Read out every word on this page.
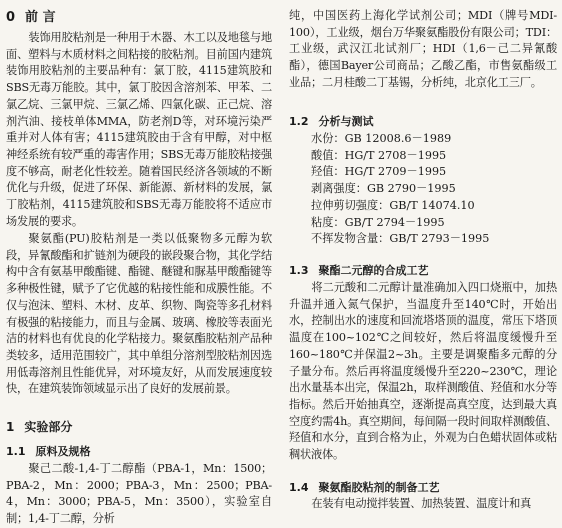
0 前 言

装饰用胶粘剂是一种用于木器、木工以及地毯与地面、塑料与木质材料之间粘接的胶粘剂。目前国内建筑装饰用胶粘剂的主要品种有：氯丁胶，4115建筑胶和SBS无毒万能胶。其中，氯丁胶因含溶剂苯、甲苯、二氯乙烷、三氯甲烷、三氯乙烯、四氯化碳、正己烷、溶剂汽油、接枝单体MMA，防老剂D等，对环境污染严重并对人体有害；4115建筑胶由于含有甲醇，对中枢神经系统有较严重的毒害作用；SBS无毒万能胶粘接强度不够高，耐老化性较差。随着国民经济各领域的不断优化与升级，促进了环保、新能源、新材料的发展，氯丁胶粘剂，4115建筑胶和SBS无毒万能胶将不适应市场发展的要求。

聚氨酯(PU)胶粘剂是一类以低聚物多元醇为软段，异氰酸酯和扩链剂为硬段的嵌段聚合物，其化学结构中含有氨基甲酸酯键、酯键、醚键和脲基甲酸酯键等多种极性键，赋予了它优越的粘接性能和成膜性能。不仅与泡沫、塑料、木材、皮革、织物、陶瓷等多孔材料有极强的粘接能力，而且与金属、玻璃、橡胶等表面光洁的材料也有优良的化学粘接力。聚氨酯胶粘剂产品种类较多，适用范围较广，其中单组分溶剂型胶粘剂因选用低毒溶剂且性能优异，对环境友好，从而发展速度较快，在建筑装饰领域显示出了良好的发展前景。

1 实验部分
1.1 原料及规格

聚己二酸-1,4-丁二醇酯（PBA-1，Mn：1500；PBA-2，Mn：2000；PBA-3，Mn：2500；PBA-4，Mn：3000；PBA-5，Mn：3500），实验室自制；1,4-丁二醇，分析

纯，中国医药上海化学试剂公司；MDI（牌号MDI-100），工业级，烟台万华聚氨酯股份有限公司；TDI：工业级，武汉江北试剂厂；HDI（1,6－己二异氰酸酯），德国Bayer公司商品；乙酸乙酯，市售氨酯级工业品；二月桂酸二丁基锡，分析纯，北京化工三厂。

1.2 分析与测试
水份：GB 12008.6－1989
酸值：HG/T 2708－1995
羟值：HG/T 2709－1995
剥离强度：GB 2790－1995
拉伸剪切强度：GB/T 14074.10
粘度：GB/T 2794－1995
不挥发物含量：GB/T 2793－1995
1.3 聚酯二元醇的合成工艺

将二元酸和二元醇计量准确加入四口烧瓶中，加热升温并通入氮气保护，当温度升至140℃时，开始出水，控制出水的速度和回流塔塔顶的温度，常压下塔顶温度在100~102℃之间较好，然后将温度缓慢升至160~180℃并保温2~3h。主要是调聚酯多元醇的分子量分布。然后再将温度缓慢升至220~230℃，理论出水量基本出完，保温2h，取样测酸值、羟值和水分等指标。然后开始抽真空，逐渐提高真空度，达到最大真空度约需4h。真空期间，每间隔一段时间取样测酸值、羟值和水分，直到合格为止，外观为白色蜡状固体或粘稠状液体。

1.4 聚氨酯胶粘剂的制备工艺

在装有电动搅拌装置、加热装置、温度计和真
